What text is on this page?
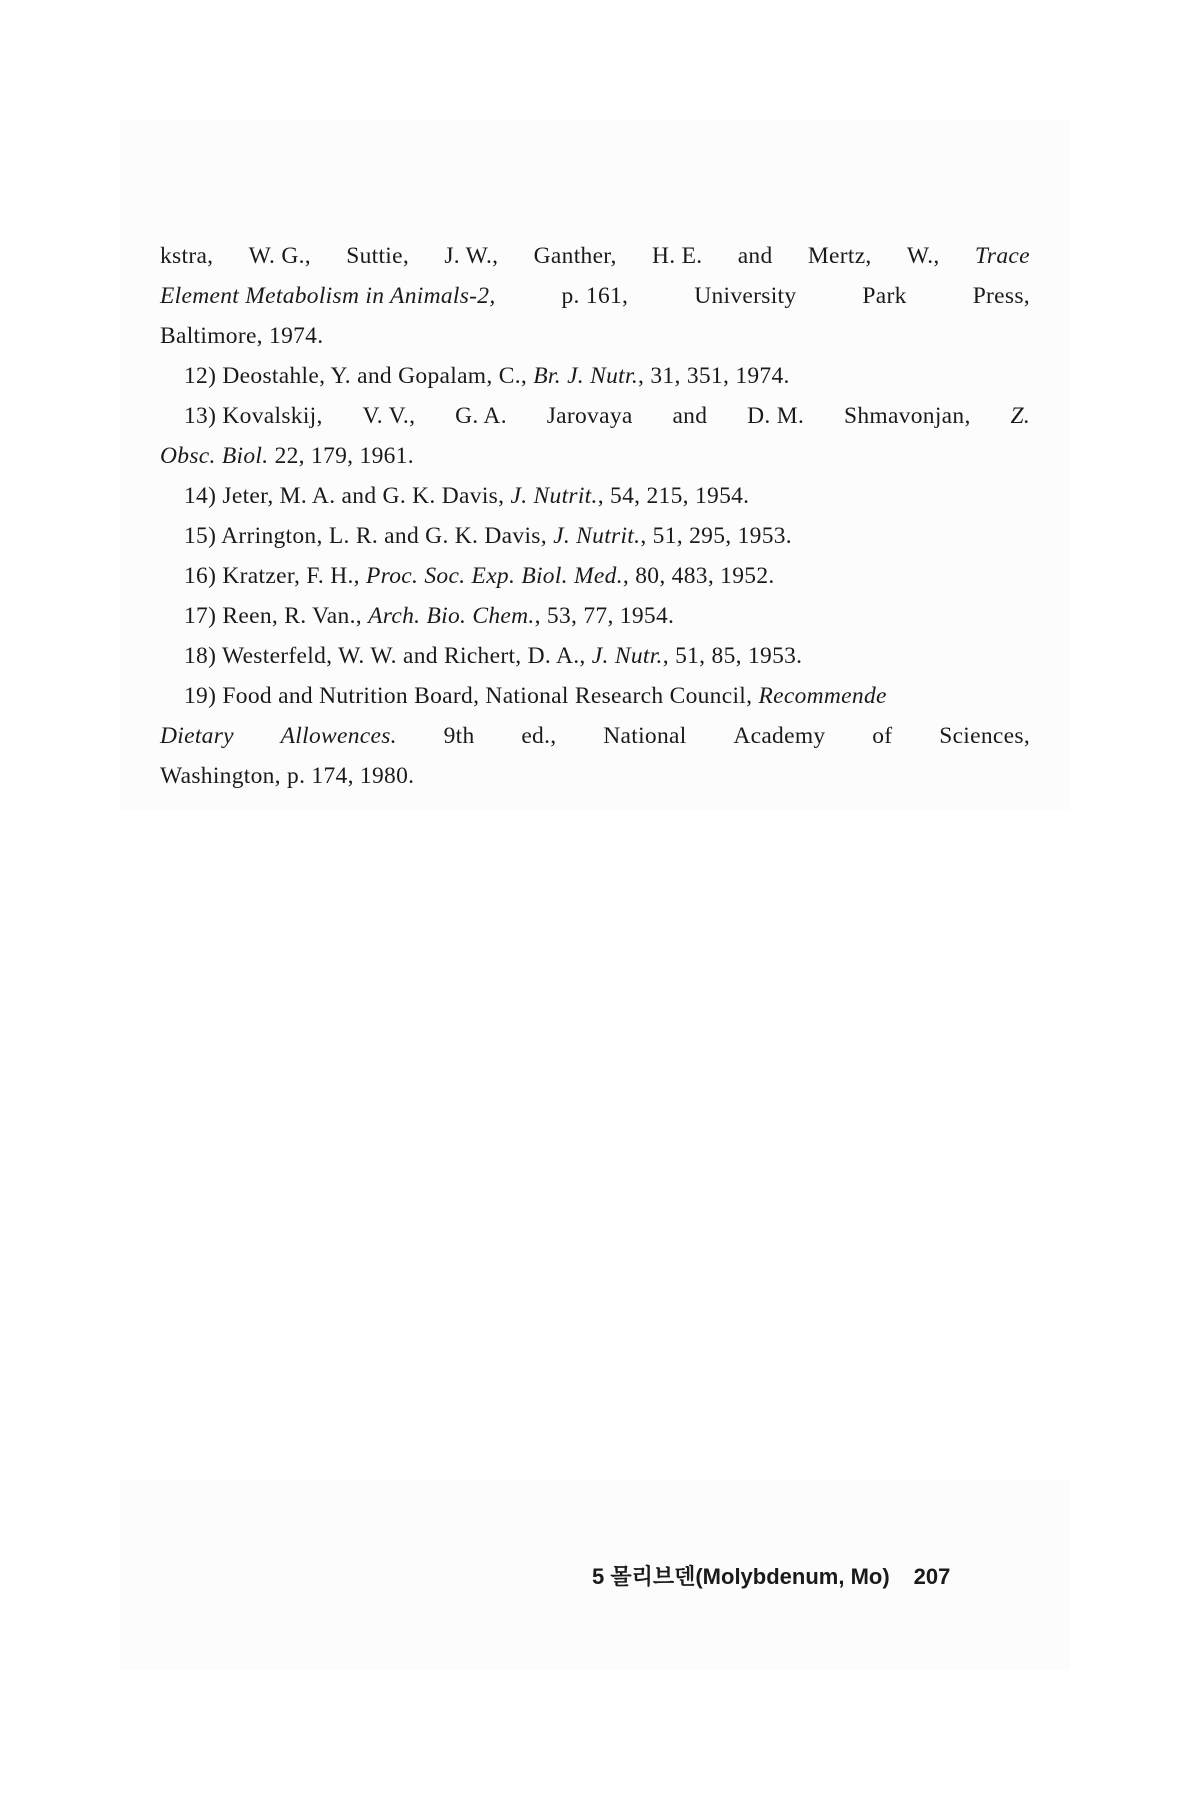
kstra, W. G., Suttie, J. W., Ganther, H. E. and Mertz, W., Trace
Element Metabolism in Animals-2,	p. 161,	University	Park	Press,
Baltimore, 1974.
12) Deostahle, Y. and Gopalam, C., Br. J. Nutr., 31, 351, 1974.
13) Kovalskij, V. V., G. A. Jarovaya and D. M. Shmavonjan, Z.
Obsc. Biol. 22, 179, 1961.
14) Jeter, M. A. and G. K. Davis, J. Nutrit., 54, 215, 1954.
15) Arrington, L. R. and G. K. Davis, J. Nutrit., 51, 295, 1953.
16) Kratzer, F. H., Proc. Soc. Exp. Biol. Med., 80, 483, 1952.
17) Reen, R. Van., Arch. Bio. Chem., 53, 77, 1954.
18) Westerfeld, W. W. and Richert, D. A., J. Nutr., 51, 85, 1953.
19) Food and Nutrition Board, National Research Council, Recommende
Dietary Allowences. 9th ed., National Academy of Sciences,
Washington, p. 174, 1980.
5 몰리브덴(Molybdenum, Mo) 207
